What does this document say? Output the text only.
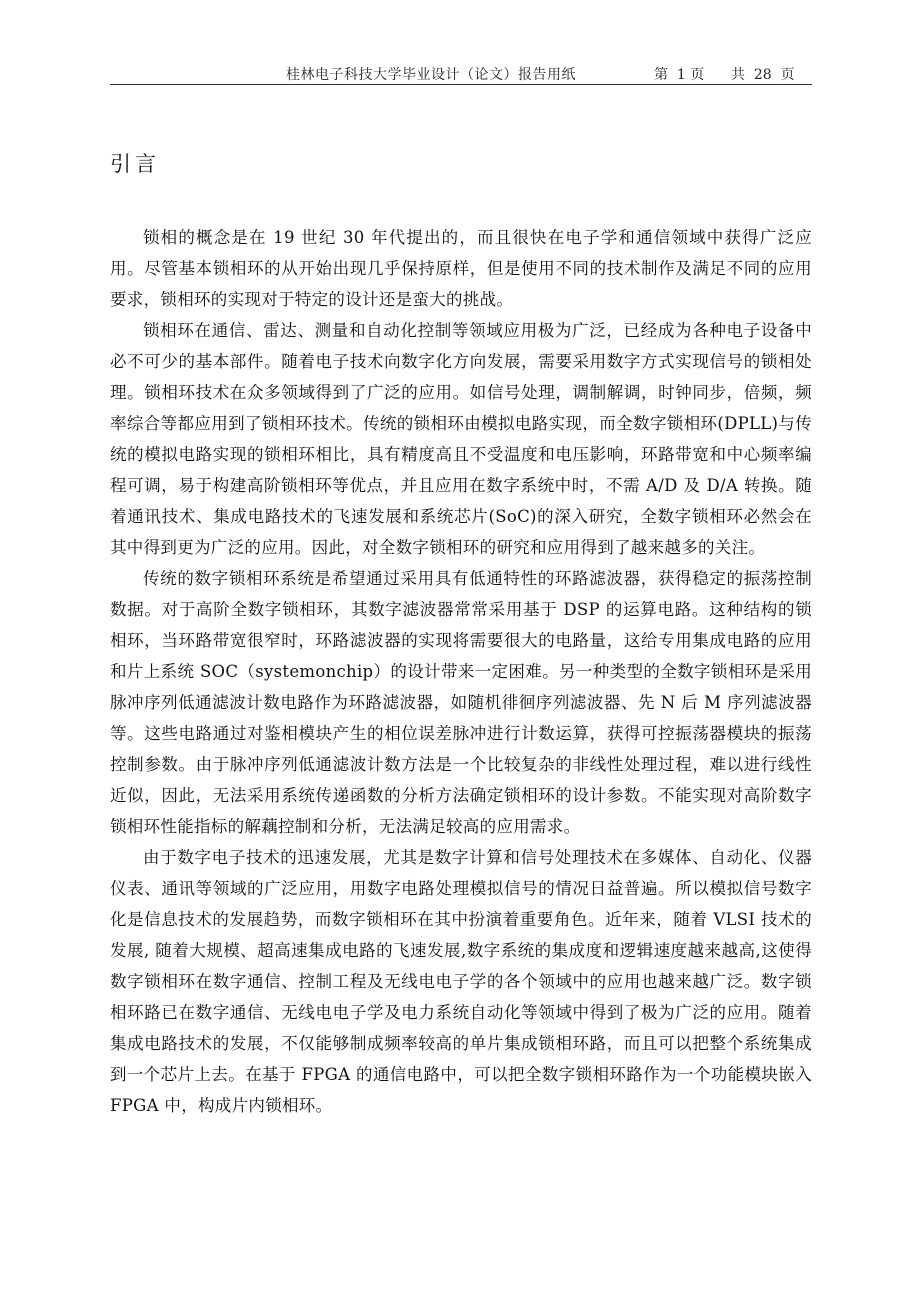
桂林电子科技大学毕业设计（论文）报告用纸	第  1 页      共  28  页
引言

锁相的概念是在 19 世纪 30 年代提出的，而且很快在电子学和通信领域中获得广泛应用。尽管基本锁相环的从开始出现几乎保持原样，但是使用不同的技术制作及满足不同的应用要求，锁相环的实现对于特定的设计还是蛮大的挑战。

锁相环在通信、雷达、测量和自动化控制等领域应用极为广泛，已经成为各种电子设备中必不可少的基本部件。随着电子技术向数字化方向发展，需要采用数字方式实现信号的锁相处理。锁相环技术在众多领域得到了广泛的应用。如信号处理，调制解调，时钟同步，倍频，频率综合等都应用到了锁相环技术。传统的锁相环由模拟电路实现，而全数字锁相环(DPLL)与传统的模拟电路实现的锁相环相比，具有精度高且不受温度和电压影响，环路带宽和中心频率编程可调，易于构建高阶锁相环等优点，并且应用在数字系统中时，不需 A/D 及 D/A 转换。随着通讯技术、集成电路技术的飞速发展和系统芯片(SoC)的深入研究，全数字锁相环必然会在其中得到更为广泛的应用。因此，对全数字锁相环的研究和应用得到了越来越多的关注。

传统的数字锁相环系统是希望通过采用具有低通特性的环路滤波器，获得稳定的振荡控制数据。对于高阶全数字锁相环，其数字滤波器常常采用基于 DSP 的运算电路。这种结构的锁相环，当环路带宽很窄时，环路滤波器的实现将需要很大的电路量，这给专用集成电路的应用和片上系统 SOC（systemonchip）的设计带来一定困难。另一种类型的全数字锁相环是采用脉冲序列低通滤波计数电路作为环路滤波器，如随机徘徊序列滤波器、先 N 后 M 序列滤波器等。这些电路通过对鉴相模块产生的相位误差脉冲进行计数运算，获得可控振荡器模块的振荡控制参数。由于脉冲序列低通滤波计数方法是一个比较复杂的非线性处理过程，难以进行线性近似，因此，无法采用系统传递函数的分析方法确定锁相环的设计参数。不能实现对高阶数字锁相环性能指标的解藕控制和分析，无法满足较高的应用需求。

由于数字电子技术的迅速发展，尤其是数字计算和信号处理技术在多媒体、自动化、仪器仪表、通讯等领域的广泛应用，用数字电路处理模拟信号的情况日益普遍。所以模拟信号数字化是信息技术的发展趋势，而数字锁相环在其中扮演着重要角色。近年来，随着 VLSI 技术的发展, 随着大规模、超高速集成电路的飞速发展,数字系统的集成度和逻辑速度越来越高,这使得数字锁相环在数字通信、控制工程及无线电电子学的各个领域中的应用也越来越广泛。数字锁相环路已在数字通信、无线电电子学及电力系统自动化等领域中得到了极为广泛的应用。随着集成电路技术的发展，不仅能够制成频率较高的单片集成锁相环路，而且可以把整个系统集成到一个芯片上去。在基于 FPGA 的通信电路中，可以把全数字锁相环路作为一个功能模块嵌入 FPGA 中，构成片内锁相环。
